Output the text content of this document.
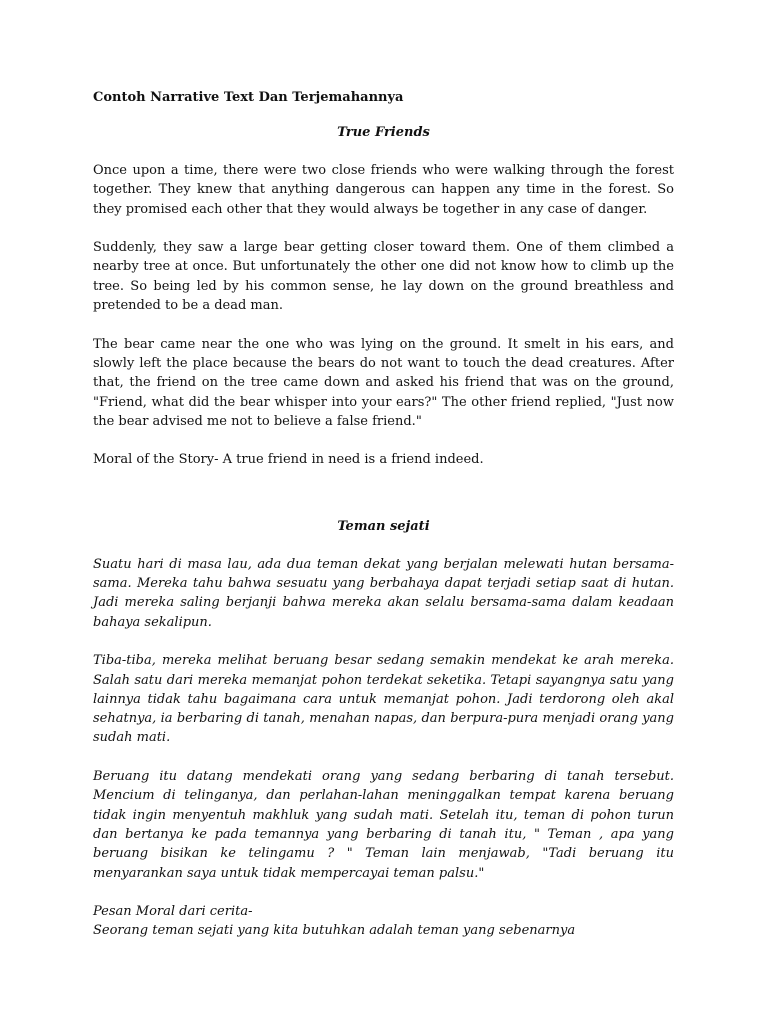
Contoh Narrative Text Dan Terjemahannya
True Friends

Once upon a time, there were two close friends who were walking through the forest together. They knew that anything dangerous can happen any time in the forest. So they promised each other that they would always be together in any case of danger.

Suddenly, they saw a large bear getting closer toward them. One of them climbed a nearby tree at once. But unfortunately the other one did not know how to climb up the tree. So being led by his common sense, he lay down on the ground breathless and pretended to be a dead man.

The bear came near the one who was lying on the ground. It smelt in his ears, and slowly left the place because the bears do not want to touch the dead creatures. After that, the friend on the tree came down and asked his friend that was on the ground, "Friend, what did the bear whisper into your ears?" The other friend replied, "Just now the bear advised me not to believe a false friend."

Moral of the Story- A true friend in need is a friend indeed.

Teman sejati

Suatu hari di masa lau, ada dua teman dekat yang berjalan melewati hutan bersama-sama. Mereka tahu bahwa sesuatu yang berbahaya dapat terjadi setiap saat di hutan. Jadi mereka saling berjanji bahwa mereka akan selalu bersama-sama dalam keadaan bahaya sekalipun.

Tiba-tiba, mereka melihat beruang besar sedang semakin mendekat ke arah mereka. Salah satu dari mereka memanjat pohon terdekat seketika. Tetapi sayangnya satu yang lainnya tidak tahu bagaimana cara untuk memanjat pohon. Jadi terdorong oleh akal sehatnya, ia berbaring di tanah, menahan napas, dan berpura-pura menjadi orang yang sudah mati.

Beruang itu datang mendekati orang yang sedang berbaring di tanah tersebut. Mencium di telinganya, dan perlahan-lahan meninggalkan tempat karena beruang tidak ingin menyentuh makhluk yang sudah mati. Setelah itu, teman di pohon turun dan bertanya ke pada temannya yang berbaring di tanah itu, " Teman , apa yang beruang bisikan ke telingamu ? " Teman lain menjawab, "Tadi beruang itu menyarankan saya untuk tidak mempercayai teman palsu."

Pesan Moral dari cerita-

Seorang teman sejati yang kita butuhkan adalah teman yang sebenarnya
